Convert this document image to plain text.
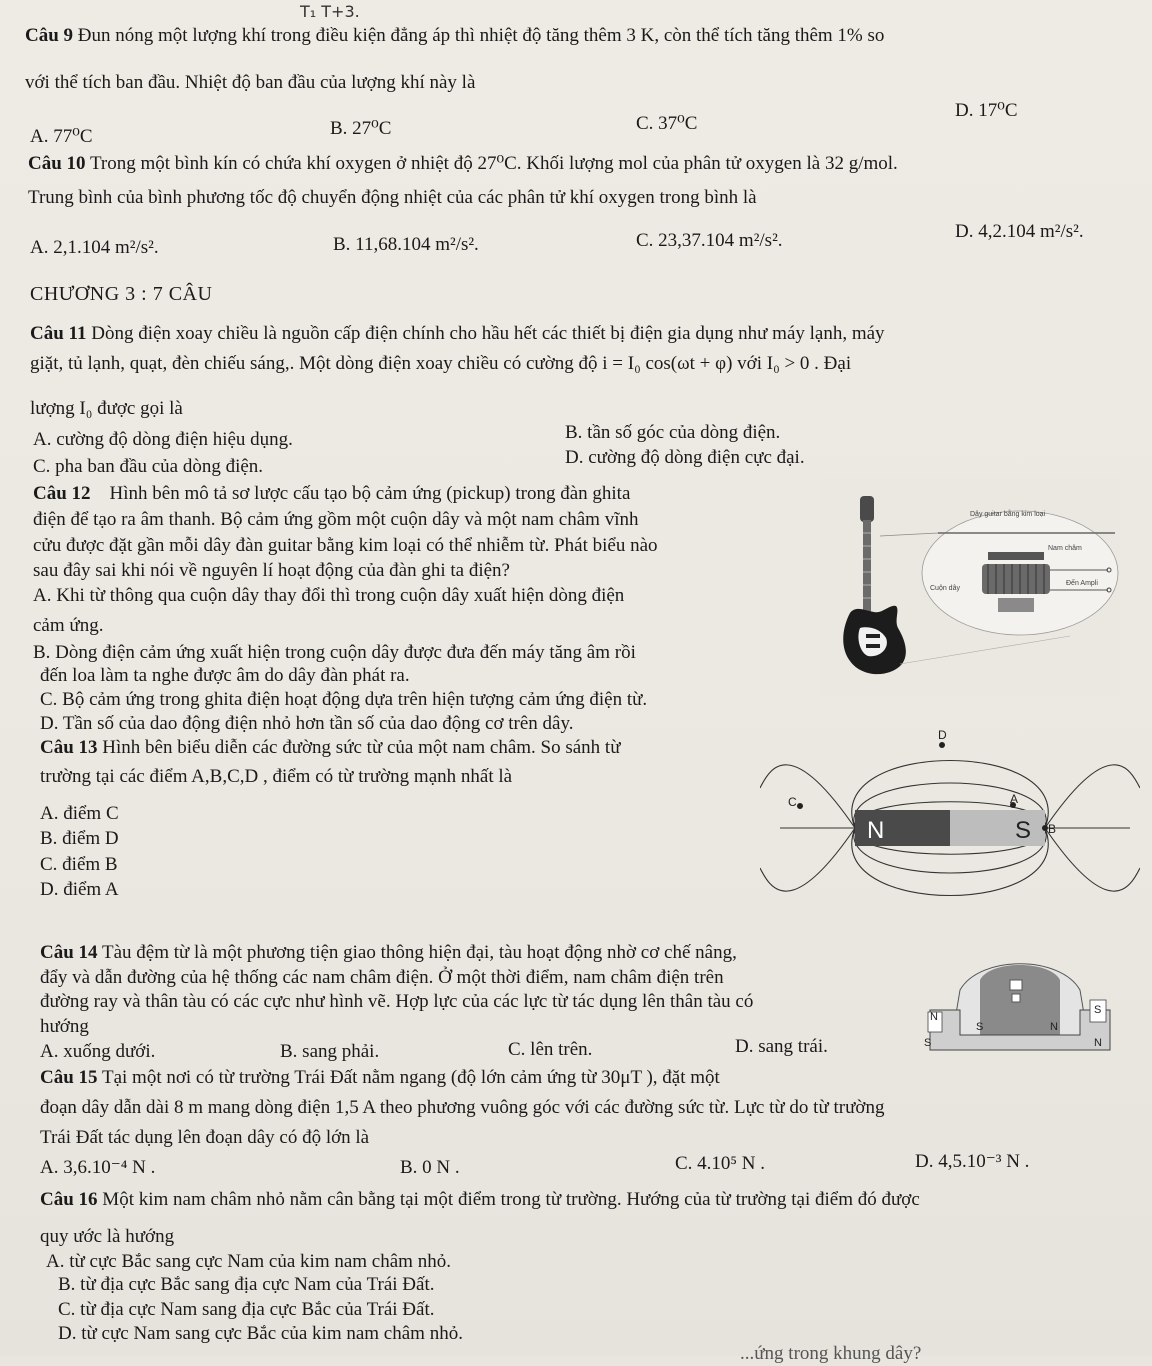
T₁ T+3.
Câu 9 Đun nóng một lượng khí trong điều kiện đẳng áp thì nhiệt độ tăng thêm 3 K, còn thể tích tăng thêm 1% so
với thể tích ban đầu. Nhiệt độ ban đầu của lượng khí này là
A. 77⁰C	B. 27⁰C	C. 37⁰C
D. 17⁰C
Câu 10 Trong một bình kín có chứa khí oxygen ở nhiệt độ 27⁰C. Khối lượng mol của phân tử oxygen là 32 g/mol.
Trung bình của bình phương tốc độ chuyển động nhiệt của các phân tử khí oxygen trong bình là
A. 2,1.104 m²/s².	B. 11,68.104 m²/s².	C. 23,37.104 m²/s².	D. 4,2.104 m²/s².
CHƯƠNG 3 : 7 CÂU
Câu 11 Dòng điện xoay chiều là nguồn cấp điện chính cho hầu hết các thiết bị điện gia dụng như máy lạnh, máy
giặt, tủ lạnh, quạt, đèn chiếu sáng,. Một dòng điện xoay chiều có cường độ i = I₀ cos(ωt + φ) với I₀ > 0 . Đại
lượng I₀ được gọi là
A. cường độ dòng điện hiệu dụng.	B. tần số góc của dòng điện.
C. pha ban đầu của dòng điện.	D. cường độ dòng điện cực đại.
Câu 12 Hình bên mô tả sơ lược cấu tạo bộ cảm ứng (pickup) trong đàn ghita
điện để tạo ra âm thanh. Bộ cảm ứng gồm một cuộn dây và một nam châm vĩnh
cửu được đặt gần mỗi dây đàn guitar bằng kim loại có thể nhiễm từ. Phát biểu nào
sau đây sai khi nói về nguyên lí hoạt động của đàn ghi ta điện?
A. Khi từ thông qua cuộn dây thay đổi thì trong cuộn dây xuất hiện dòng điện
cảm ứng.
B. Dòng điện cảm ứng xuất hiện trong cuộn dây được đưa đến máy tăng âm rồi
đến loa làm ta nghe được âm do dây đàn phát ra.
C. Bộ cảm ứng trong ghita điện hoạt động dựa trên hiện tượng cảm ứng điện từ.
D. Tần số của dao động điện nhỏ hơn tần số của dao động cơ trên dây.
Dây guitar bằng kim loại
Nam châm
Đến Ampli
Cuộn dây
Câu 13 Hình bên biểu diễn các đường sức từ của một nam châm. So sánh từ
trường tại các điểm A,B,C,D , điểm có từ trường mạnh nhất là
A. điểm C
B. điểm D
C. điểm B
D. điểm A
N	S
C	A
B
D
Câu 14 Tàu đệm từ là một phương tiện giao thông hiện đại, tàu hoạt động nhờ cơ chế nâng,
đẩy và dẫn đường của hệ thống các nam châm điện. Ở một thời điểm, nam châm điện trên
đường ray và thân tàu có các cực như hình vẽ. Hợp lực của các lực từ tác dụng lên thân tàu có
hướng
A. xuống dưới.	B. sang phải.	C. lên trên.	D. sang trái.
N
S
S	N
S
N
Câu 15 Tại một nơi có từ trường Trái Đất nằm ngang (độ lớn cảm ứng từ 30μT ), đặt một
đoạn dây dẫn dài 8 m mang dòng điện 1,5 A theo phương vuông góc với các đường sức từ. Lực từ do từ trường
Trái Đất tác dụng lên đoạn dây có độ lớn là
A. 3,6.10⁻⁴ N .	B. 0 N .	C. 4.10⁵ N .	D. 4,5.10⁻³ N .
Câu 16 Một kim nam châm nhỏ nằm cân bằng tại một điểm trong từ trường. Hướng của từ trường tại điểm đó được
quy ước là hướng
A. từ cực Bắc sang cực Nam của kim nam châm nhỏ.
B. từ địa cực Bắc sang địa cực Nam của Trái Đất.
C. từ địa cực Nam sang địa cực Bắc của Trái Đất.
D. từ cực Nam sang cực Bắc của kim nam châm nhỏ.
...ứng trong khung dây?
